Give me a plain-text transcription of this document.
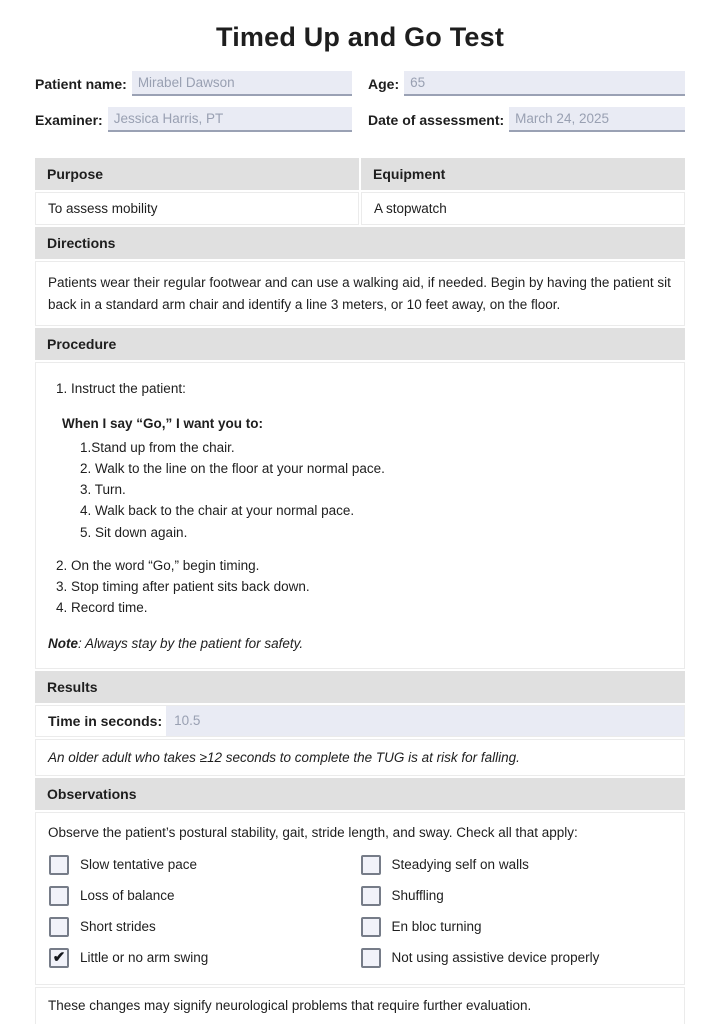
Timed Up and Go Test
Patient name: Mirabel Dawson	Age: 65
Examiner: Jessica Harris, PT	Date of assessment: March 24, 2025
Purpose	Equipment
To assess mobility	A stopwatch
Directions
Patients wear their regular footwear and can use a walking aid, if needed. Begin by having the patient sit back in a standard arm chair and identify a line 3 meters, or 10 feet away, on the floor.
Procedure
1. Instruct the patient:
When I say “Go,” I want you to:
1.Stand up from the chair.
2. Walk to the line on the floor at your normal pace.
3. Turn.
4. Walk back to the chair at your normal pace.
5. Sit down again.
2. On the word “Go,” begin timing.
3. Stop timing after patient sits back down.
4. Record time.
Note: Always stay by the patient for safety.
Results
Time in seconds: 10.5
An older adult who takes ≥12 seconds to complete the TUG is at risk for falling.
Observations
Observe the patient’s postural stability, gait, stride length, and sway. Check all that apply:
Slow tentative pace	Steadying self on walls
Loss of balance	Shuffling
Short strides	En bloc turning
✔ Little or no arm swing	Not using assistive device properly
These changes may signify neurological problems that require further evaluation.
